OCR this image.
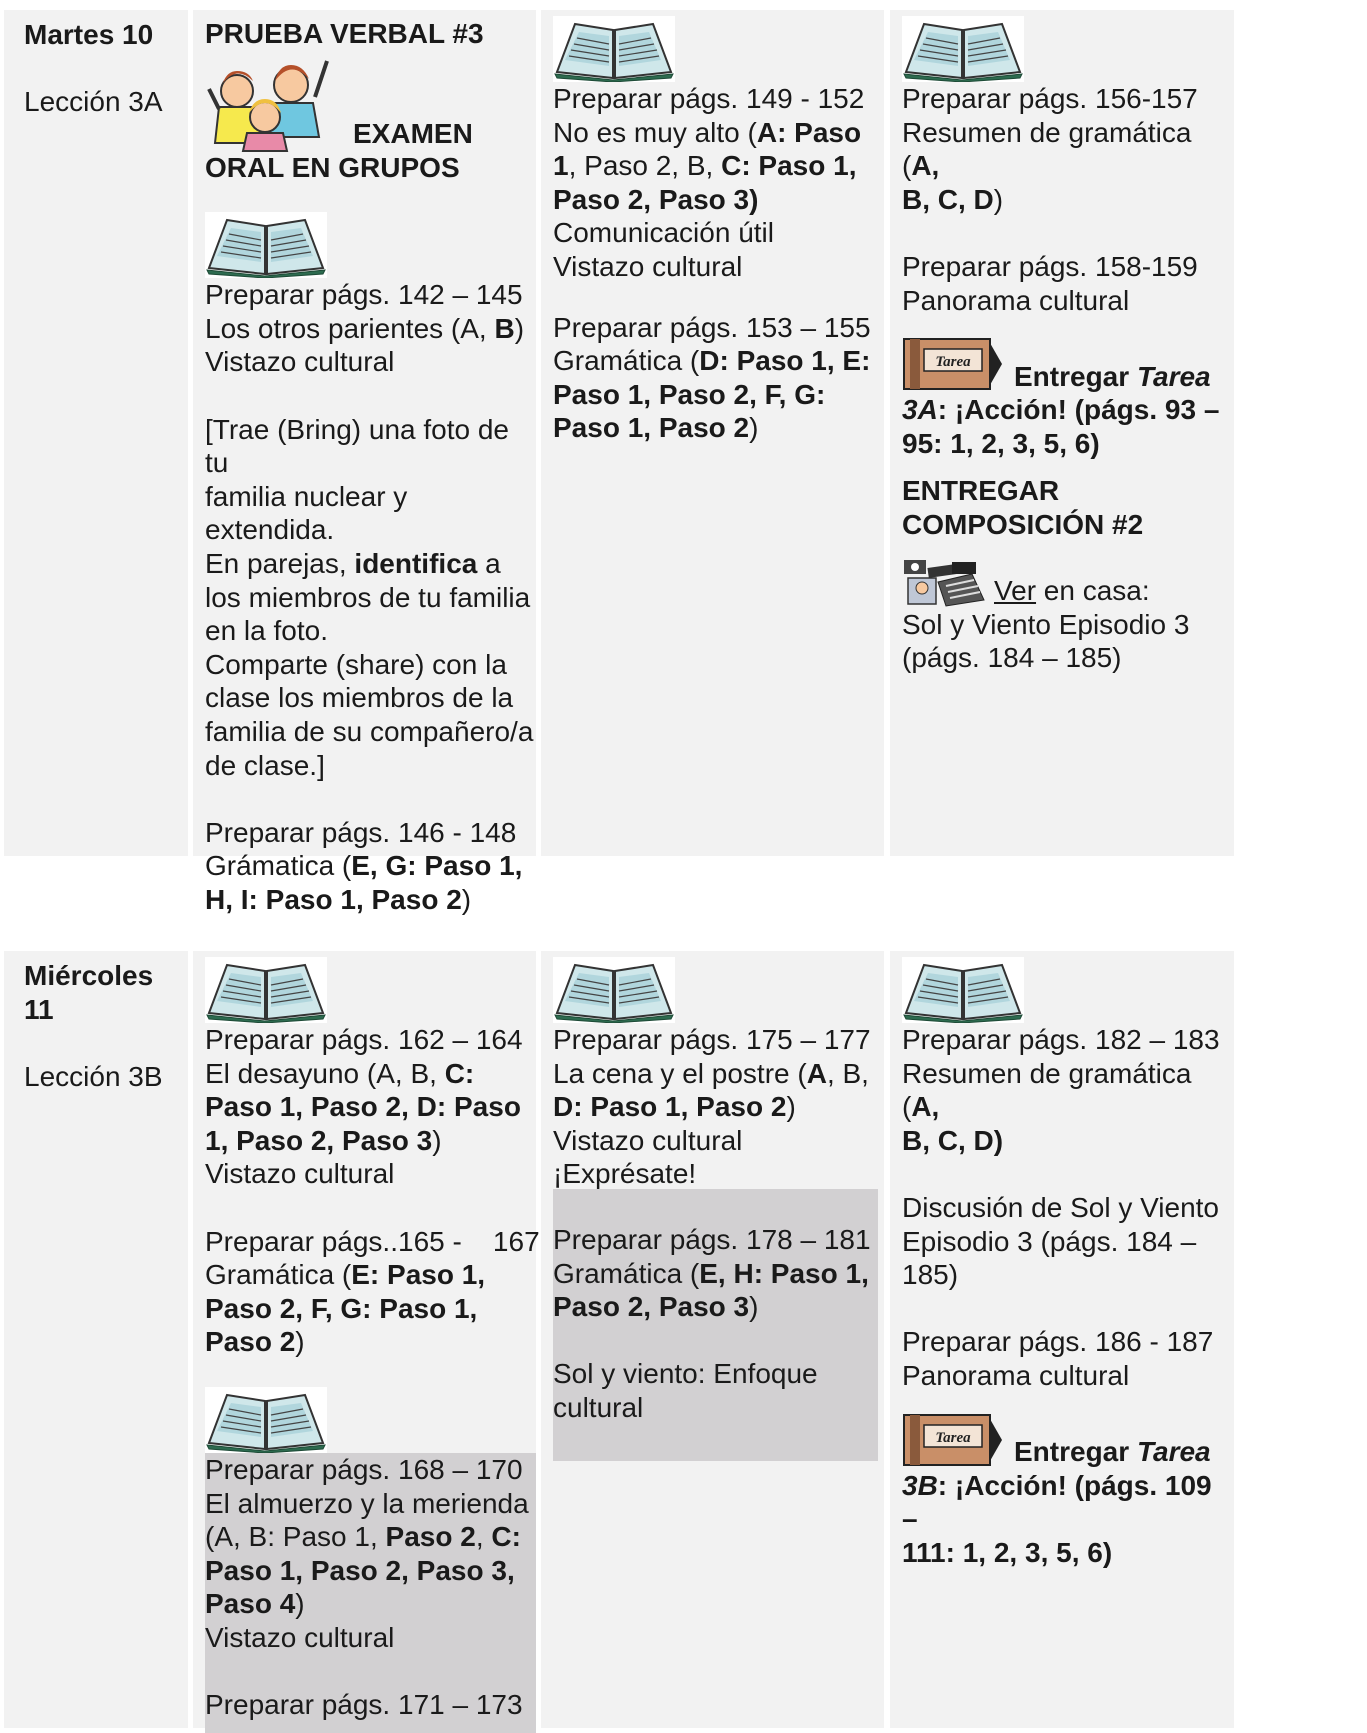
Martes 10

Lección 3A

PRUEBA VERBAL #3

EXAMEN

ORAL EN GRUPOS

Preparar págs. 142 – 145

Los otros parientes (A, B)

Vistazo cultural

[Trae (Bring) una foto de tu

familia nuclear y

extendida.

En parejas, identifica a

los miembros de tu familia

en la foto.

Comparte (share) con la

clase los miembros de la

familia de su compañero/a

de clase.]

Preparar págs. 146 - 148

Grámatica (E, G: Paso 1,

H, I: Paso 1, Paso 2)

Preparar págs. 149 - 152

No es muy alto (A: Paso

1, Paso 2, B, C: Paso 1,

Paso 2, Paso 3)

Comunicación útil

Vistazo cultural

Preparar págs. 153 – 155

Gramática (D: Paso 1, E:

Paso 1, Paso 2, F, G:

Paso 1, Paso 2)

Preparar págs. 156-157

Resumen de gramática (A,

B, C, D)

Preparar págs. 158-159

Panorama cultural

Tarea Entregar Tarea

3A: ¡Acción! (págs. 93 –

95: 1, 2, 3, 5, 6)

ENTREGAR

COMPOSICIÓN #2

Ver en casa:

Sol y Viento Episodio 3

(págs. 184 – 185)

Miércoles 11

Lección 3B

Preparar págs. 162 – 164

El desayuno (A, B, C:

Paso 1, Paso 2, D: Paso

1, Paso 2, Paso 3)

Vistazo cultural

Preparar págs..165 -    167

Gramática (E: Paso 1,

Paso 2, F, G: Paso 1,

Paso 2)

Preparar págs. 168 – 170

El almuerzo y la merienda

(A, B: Paso 1, Paso 2, C:

Paso 1, Paso 2, Paso 3,

Paso 4)

Vistazo cultural

Preparar págs. 171 – 173

Preparar págs. 175 – 177

La cena y el postre (A, B,

D: Paso 1, Paso 2)

Vistazo cultural

¡Exprésate!

Preparar págs. 178 – 181

Gramática (E, H: Paso 1,

Paso 2, Paso 3)

Sol y viento: Enfoque

cultural

Preparar págs. 182 – 183

Resumen de gramática (A,

B, C, D)

Discusión de Sol y Viento

Episodio 3 (págs. 184 –

185)

Preparar págs. 186 - 187

Panorama cultural

Tarea Entregar Tarea

3B: ¡Acción! (págs. 109 –

111: 1, 2, 3, 5, 6)
